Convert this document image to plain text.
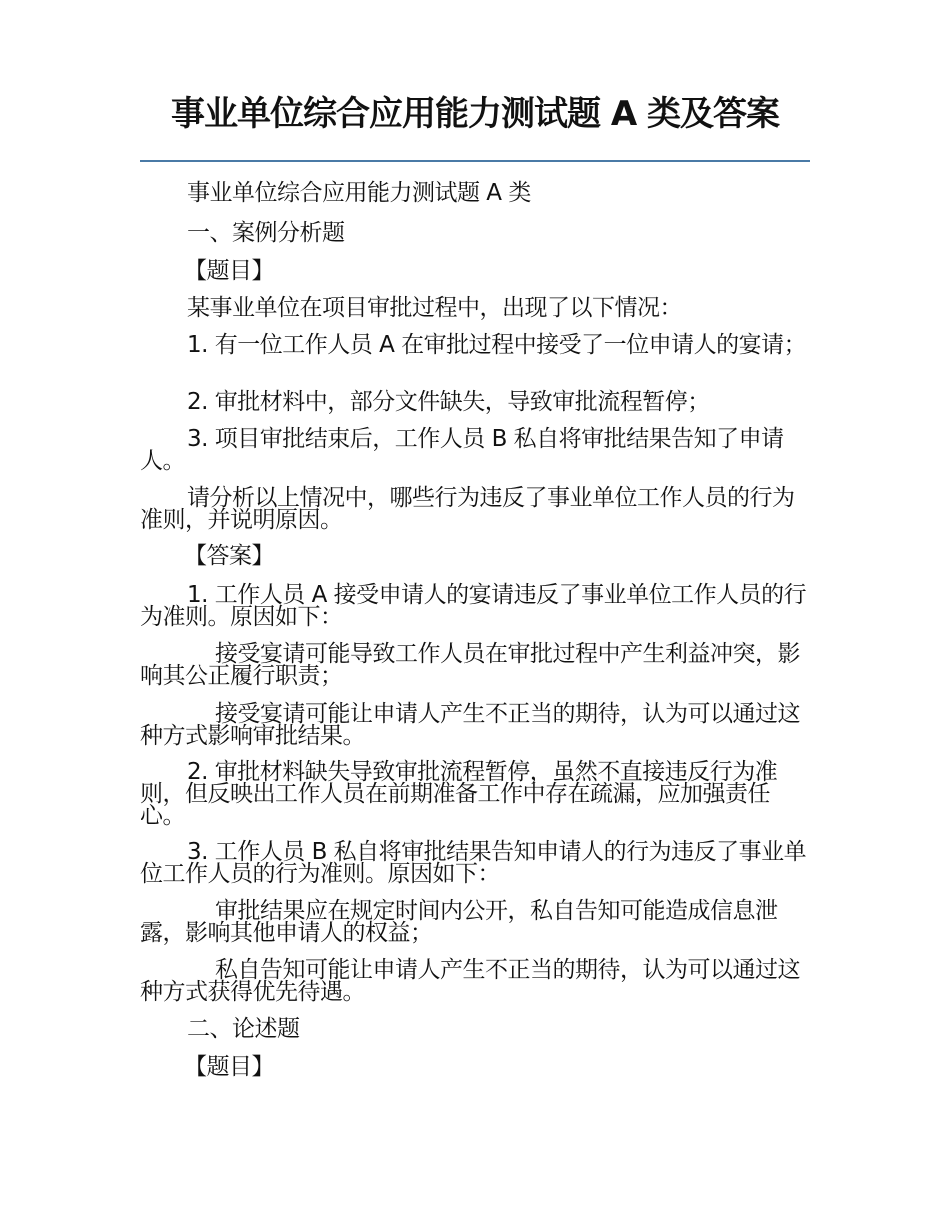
事业单位综合应用能力测试题 A 类及答案

事业单位综合应用能力测试题 A 类

一、案例分析题

【题目】

某事业单位在项目审批过程中，出现了以下情况：

1. 有一位工作人员 A 在审批过程中接受了一位申请人的宴请；

2. 审批材料中，部分文件缺失，导致审批流程暂停；

3. 项目审批结束后，工作人员 B 私自将审批结果告知了申请人。

请分析以上情况中，哪些行为违反了事业单位工作人员的行为准则，并说明原因。

【答案】

1. 工作人员 A 接受申请人的宴请违反了事业单位工作人员的行为准则。原因如下：

接受宴请可能导致工作人员在审批过程中产生利益冲突，影响其公正履行职责；

接受宴请可能让申请人产生不正当的期待，认为可以通过这种方式影响审批结果。

2. 审批材料缺失导致审批流程暂停，虽然不直接违反行为准则，但反映出工作人员在前期准备工作中存在疏漏，应加强责任心。

3. 工作人员 B 私自将审批结果告知申请人的行为违反了事业单位工作人员的行为准则。原因如下：

审批结果应在规定时间内公开，私自告知可能造成信息泄露，影响其他申请人的权益；

私自告知可能让申请人产生不正当的期待，认为可以通过这种方式获得优先待遇。

二、论述题

【题目】
